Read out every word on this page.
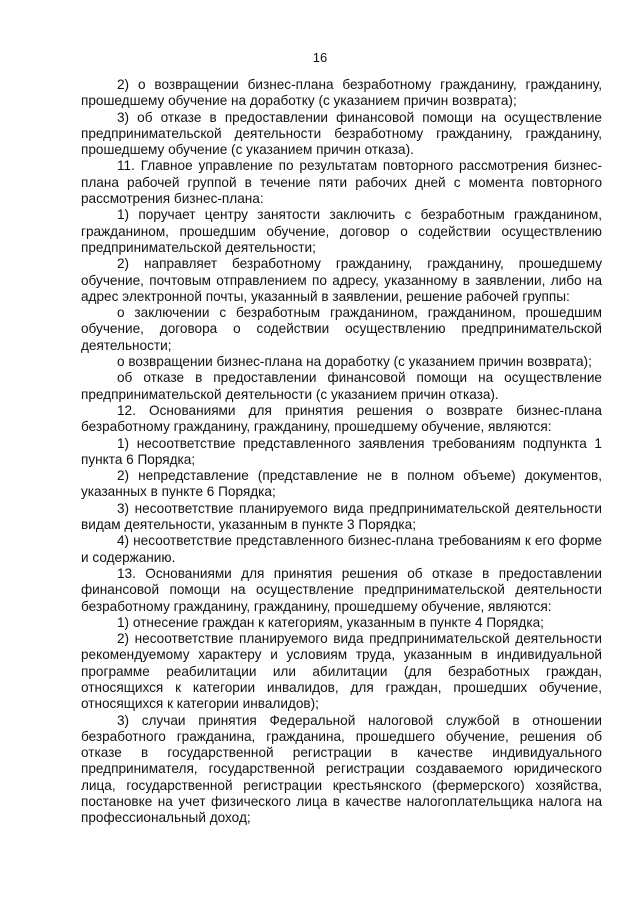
16

2) о возвращении бизнес-плана безработному гражданину, гражданину, прошедшему обучение на доработку (с указанием причин возврата);

3) об отказе в предоставлении финансовой помощи на осуществление предпринимательской деятельности безработному гражданину, гражданину, прошедшему обучение (с указанием причин отказа).

11. Главное управление по результатам повторного рассмотрения бизнес-плана рабочей группой в течение пяти рабочих дней с момента повторного рассмотрения бизнес-плана:

1) поручает центру занятости заключить с безработным гражданином, гражданином, прошедшим обучение, договор о содействии осуществлению предпринимательской деятельности;

2) направляет безработному гражданину, гражданину, прошедшему обучение, почтовым отправлением по адресу, указанному в заявлении, либо на адрес электронной почты, указанный в заявлении, решение рабочей группы:

о заключении с безработным гражданином, гражданином, прошедшим обучение, договора о содействии осуществлению предпринимательской деятельности;

о возвращении бизнес-плана на доработку (с указанием причин возврата);

об отказе в предоставлении финансовой помощи на осуществление предпринимательской деятельности (с указанием причин отказа).

12. Основаниями для принятия решения о возврате бизнес-плана безработному гражданину, гражданину, прошедшему обучение, являются:

1) несоответствие представленного заявления требованиям подпункта 1 пункта 6 Порядка;

2) непредставление (представление не в полном объеме) документов, указанных в пункте 6 Порядка;

3) несоответствие планируемого вида предпринимательской деятельности видам деятельности, указанным в пункте 3 Порядка;

4) несоответствие представленного бизнес-плана требованиям к его форме и содержанию.

13. Основаниями для принятия решения об отказе в предоставлении финансовой помощи на осуществление предпринимательской деятельности безработному гражданину, гражданину, прошедшему обучение, являются:

1) отнесение граждан к категориям, указанным в пункте 4 Порядка;

2) несоответствие планируемого вида предпринимательской деятельности рекомендуемому характеру и условиям труда, указанным в индивидуальной программе реабилитации или абилитации (для безработных граждан, относящихся к категории инвалидов, для граждан, прошедших обучение, относящихся к категории инвалидов);

3) случаи принятия Федеральной налоговой службой в отношении безработного гражданина, гражданина, прошедшего обучение, решения об отказе в государственной регистрации в качестве индивидуального предпринимателя, государственной регистрации создаваемого юридического лица, государственной регистрации крестьянского (фермерского) хозяйства, постановке на учет физического лица в качестве налогоплательщика налога на профессиональный доход;
